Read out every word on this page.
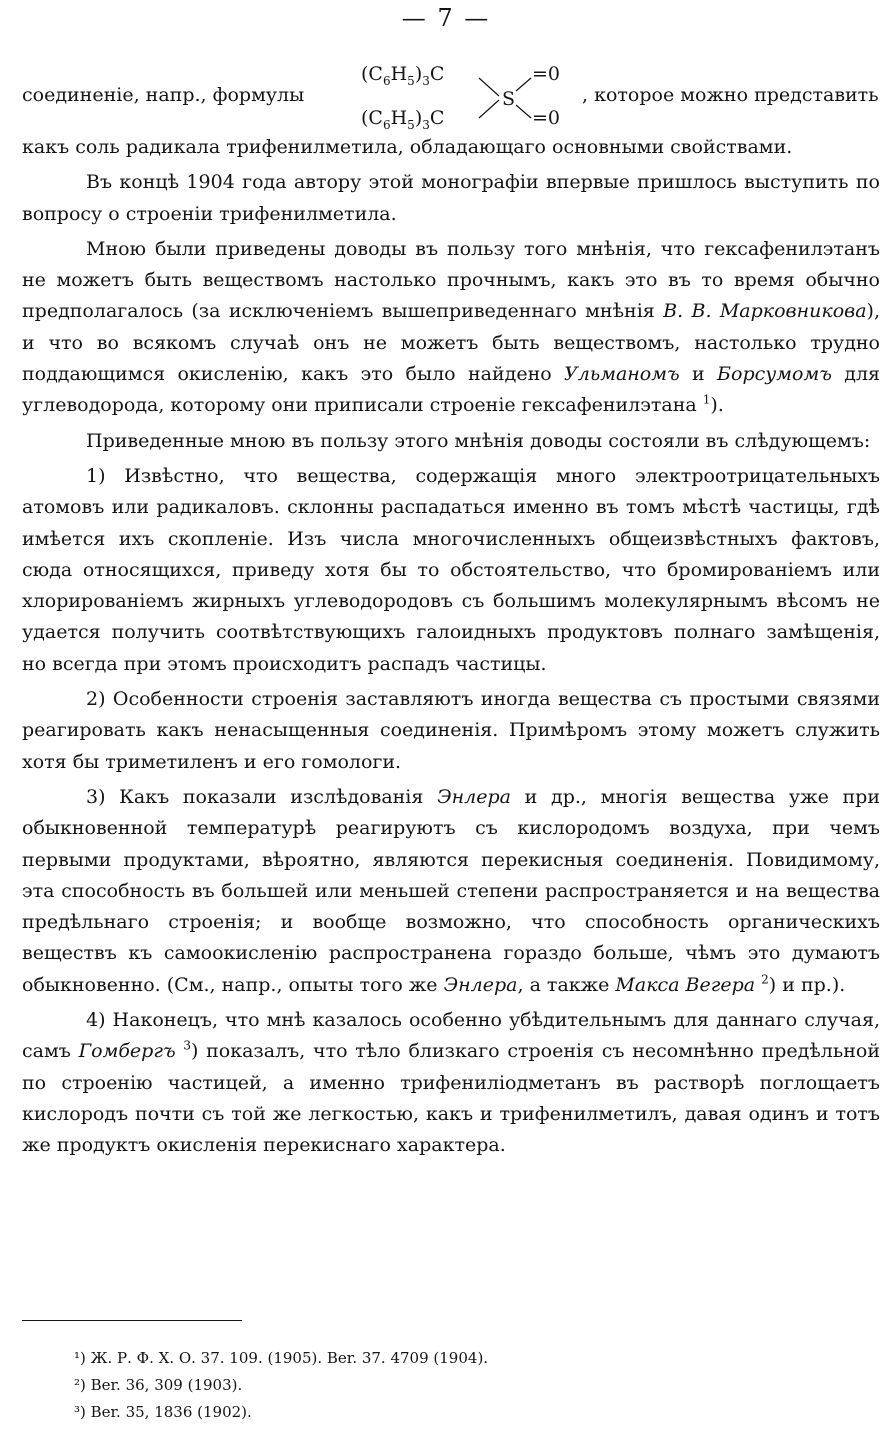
— 7 —
соединеніе, напр., формулы
$(C_6H_5)_3C$
$(C_6H_5)_3C$
S
=0
=0
, которое можно представить

какъ соль радикала трифенилметила, обладающаго основными свойствами.

Въ концѣ 1904 года автору этой монографіи впервые пришлось выступить по вопросу о строеніи трифенилметила.

Мною были приведены доводы въ пользу того мнѣнія, что гексафенилэтанъ не можетъ быть веществомъ настолько прочнымъ, какъ это въ то время обычно предполагалось (за исключеніемъ вышеприведеннаго мнѣнія В. В. Марковникова), и что во всякомъ случаѣ онъ не можетъ быть веществомъ, настолько трудно поддающимся окисленію, какъ это было найдено Ульманомъ и Борсумомъ для углеводорода, которому они приписали строеніе гексафенилэтана $^1$).

Приведенные мною въ пользу этого мнѣнія доводы состояли въ слѣдующемъ:

1) Извѣстно, что вещества, содержащія много электроотрицательныхъ атомовъ или радикаловъ. склонны распадаться именно въ томъ мѣстѣ частицы, гдѣ имѣется ихъ скопленіе. Изъ числа многочисленныхъ общеизвѣстныхъ фактовъ, сюда относящихся, приведу хотя бы то обстоятельство, что бромированіемъ или хлорированіемъ жирныхъ углеводородовъ съ большимъ молекулярнымъ вѣсомъ не удается получить соотвѣтствующихъ галоидныхъ продуктовъ полнаго замѣщенія, но всегда при этомъ происходитъ распадъ частицы.

2) Особенности строенія заставляютъ иногда вещества съ простыми связями реагировать какъ ненасыщенныя соединенія. Примѣромъ этому можетъ служить хотя бы триметиленъ и его гомологи.

3) Какъ показали изслѣдованія Энлера и др., многія вещества уже при обыкновенной температурѣ реагируютъ съ кислородомъ воздуха, при чемъ первыми продуктами, вѣроятно, являются перекисныя соединенія. Повидимому, эта способность въ большей или меньшей степени распространяется и на вещества предѣльнаго строенія; и вообще возможно, что способность органическихъ веществъ къ самоокисленію распространена гораздо больше, чѣмъ это думаютъ обыкновенно. (См., напр., опыты того же Энлера, а также Макса Вегера $^2$) и пр.).

4) Наконецъ, что мнѣ казалось особенно убѣдительнымъ для даннаго случая, самъ Гомбергъ $^3$) показалъ, что тѣло близкаго строенія съ несомнѣнно предѣльной по строенію частицей, а именно трифенилiодметанъ въ растворѣ поглощаетъ кислородъ почти съ той же легкостью, какъ и трифенилметилъ, давая одинъ и тотъ же продуктъ окисленія перекиснаго характера.

¹) Ж. Р. Ф. Х. О. 37. 109. (1905). Ber. 37. 4709 (1904).
²) Ber. 36, 309 (1903).
³) Ber. 35, 1836 (1902).
